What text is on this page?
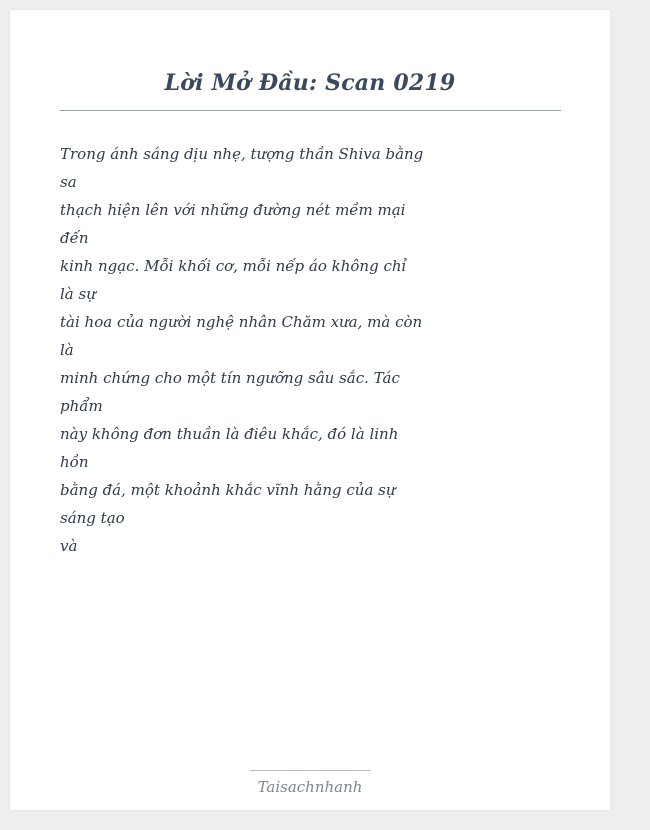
Lời Mở Đầu: Scan 0219
Trong ánh sáng dịu nhẹ, tượng thần Shiva bằng
sa
thạch hiện lên với những đường nét mềm mại
đến
kinh ngạc. Mỗi khối cơ, mỗi nếp áo không chỉ
là sự
tài hoa của người nghệ nhân Chăm xưa, mà còn
là
minh chứng cho một tín ngưỡng sâu sắc. Tác
phẩm
này không đơn thuần là điêu khắc, đó là linh
hồn
bằng đá, một khoảnh khắc vĩnh hằng của sự
sáng tạo
và
Taisachnhanh
